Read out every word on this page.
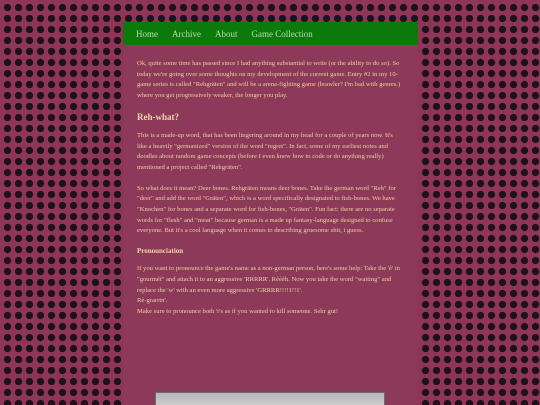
Home Archive About Game Collection

Ok, quite some time has passed since I had anything substantial to write (or the ability to do so). So today we're going over some thoughts on my development of the current game. Entry #2 in my 10-game series is called "Rehgräten" and will be a arena-fighting game (brawler? I'm bad with genres.) where you get progressively weaker, the longer you play.

Reh-what?

This is a made-up word, that has been lingering around in my head for a couple of years now. It's like a heavily "germanized" version of the word "regret". In fact, some of my earliest notes and doodles about random game concepts (before I even knew how to code or do anything really) mentioned a project called "Rehgräten".

So what does it mean? Deer bones. Rehgräten means deer bones. Take the german word "Reh" for "deer" and add the word "Gräten", which is a word specifically designated to fish-bones. We have "Knochen" for bones and a separate word for fish-bones, "Gräten". Fun fact: there are no separate words for "flesh" and "meat" because german is a made up fantasy-language designed to confuse everyone. But it's a cool language when it comes to describing gruesome shit, i guess.

Pronounciation

If you want to pronounce the game's name as a non-german person, here's some help: Take the 'è' in "gourmèt" and attach it to an aggressive 'RRRRR'. Rèèèh. Now you take the word "waiting" and replace the 'w' with an even more aggressive 'GRRRR!!!!1!!1'.
Rè-grarrtn'.
Make sure to pronounce both 'r's as if you wanted to kill someone. Sehr gut!
